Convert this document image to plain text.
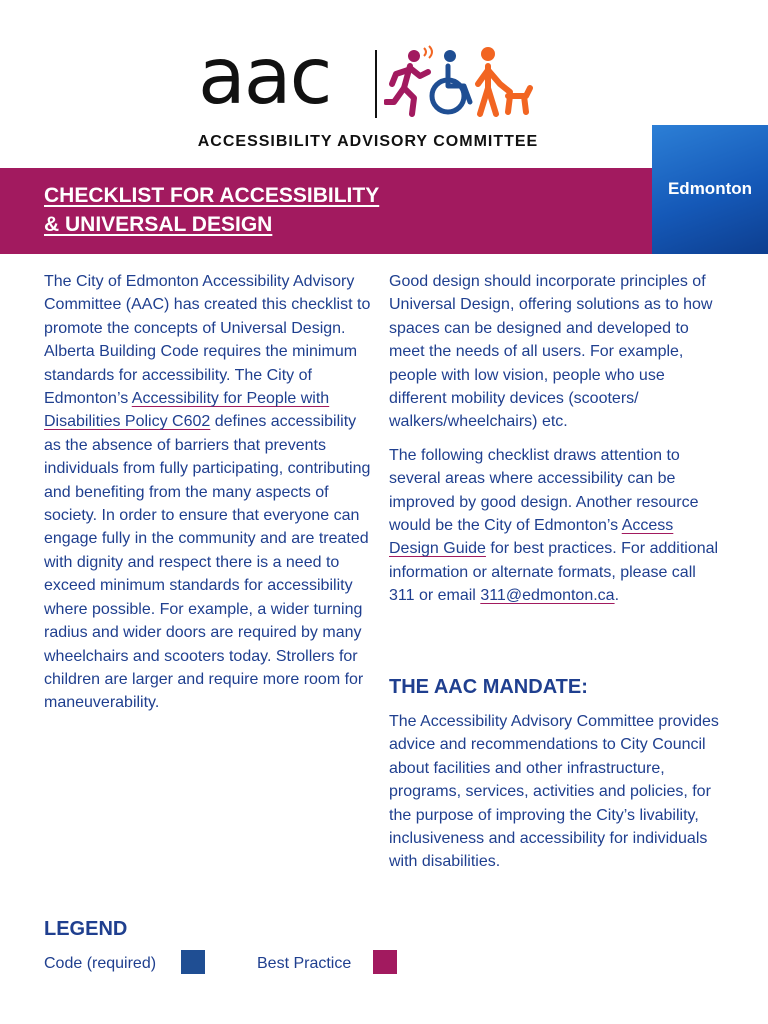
aac
ACCESSIBILITY ADVISORY COMMITTEE
CHECKLIST FOR ACCESSIBILITY
& UNIVERSAL DESIGN
Edmonton

The City of Edmonton Accessibility Advisory Committee (AAC) has created this checklist to promote the concepts of Universal Design. Alberta Building Code requires the minimum standards for accessibility. The City of Edmonton’s Accessibility for People with Disabilities Policy C602 defines accessibility as the absence of barriers that prevents individuals from fully participating, contributing and benefiting from the many aspects of society. In order to ensure that everyone can engage fully in the community and are treated with dignity and respect there is a need to exceed minimum standards for accessibility where possible. For example, a wider turning radius and wider doors are required by many wheelchairs and scooters today. Strollers for children are larger and require more room for maneuverability.

Good design should incorporate principles of Universal Design, offering solutions as to how spaces can be designed and developed to meet the needs of all users. For example, people with low vision, people who use different mobility devices (scooters/ walkers/wheelchairs) etc.

The following checklist draws attention to several areas where accessibility can be improved by good design. Another resource would be the City of Edmonton’s Access Design Guide for best practices. For additional information or alternate formats, please call 311 or email 311@edmonton.ca.

THE AAC MANDATE:
The Accessibility Advisory Committee provides advice and recommendations to City Council about facilities and other infrastructure, programs, services, activities and policies, for the purpose of improving the City’s livability, inclusiveness and accessibility for individuals with disabilities.
LEGEND
Code (required)	Best Practice
